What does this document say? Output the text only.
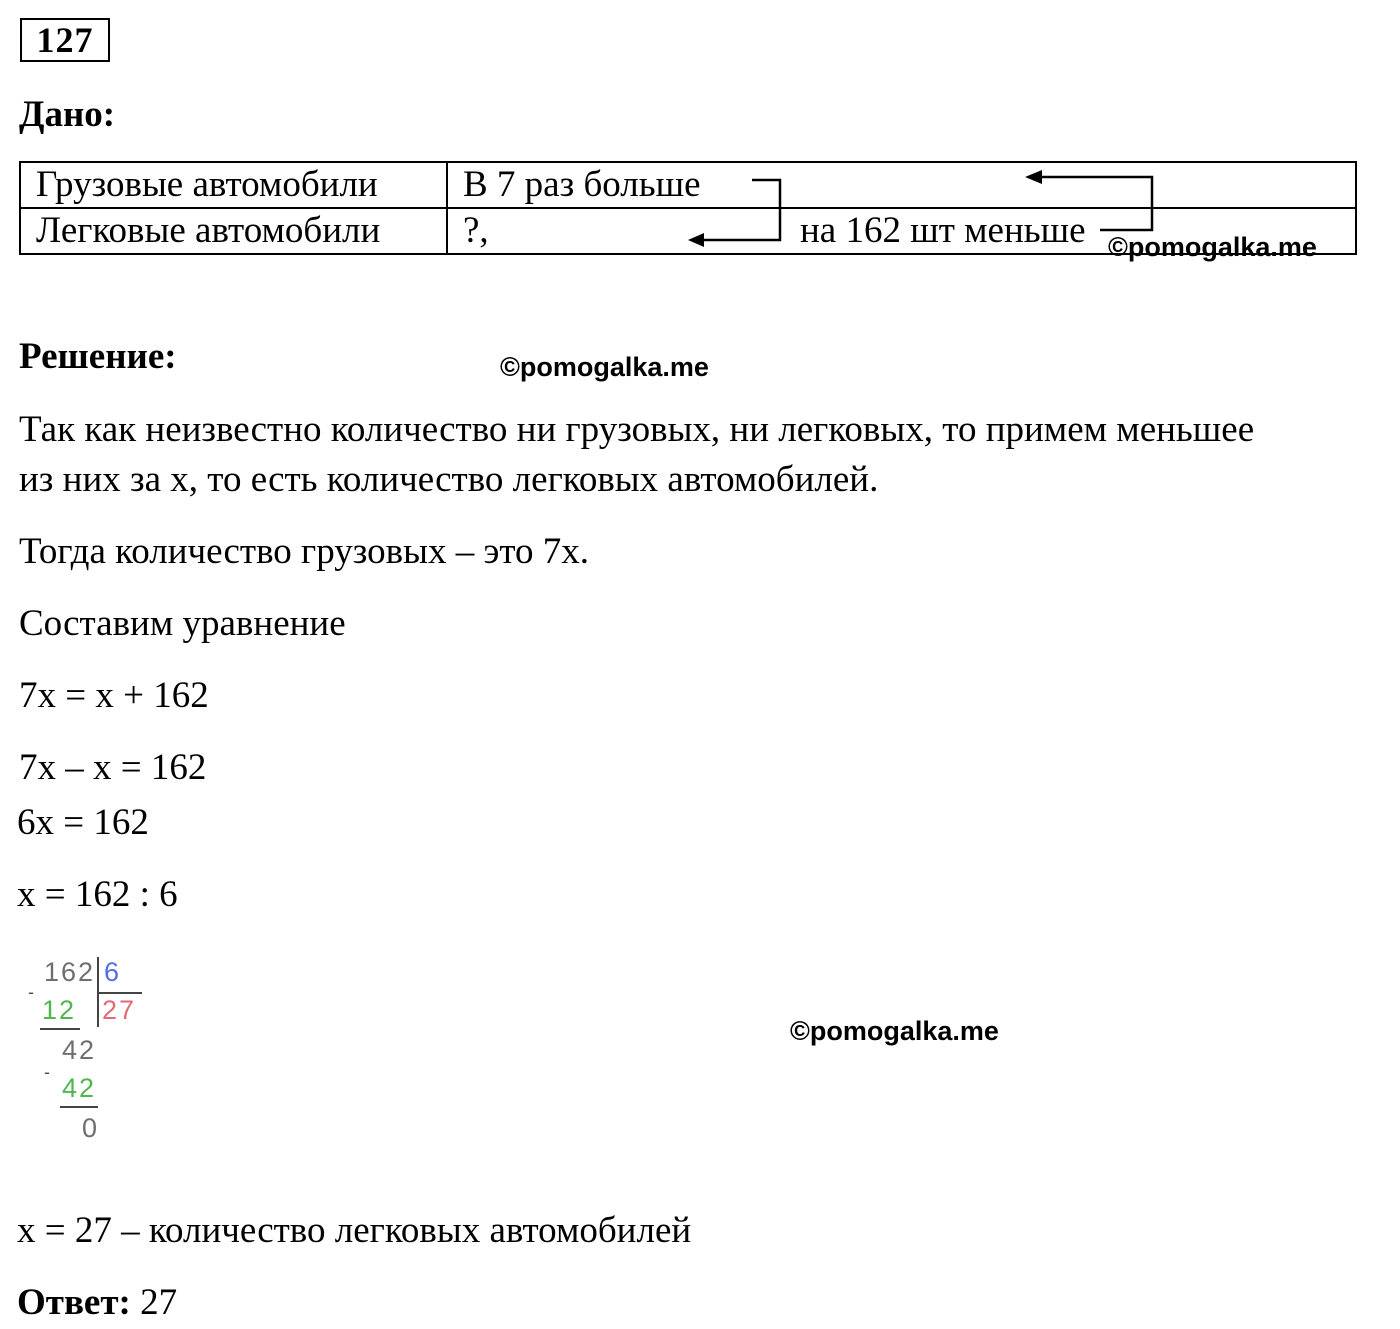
127
Дано:
Грузовые автомобили	В 7 раз больше
Легковые автомобили	?, на 162 шт меньше ©pomogalka.me
Решение:	©pomogalka.me
Так как неизвестно количество ни грузовых, ни легковых, то примем меньшее
из них за x, то есть количество легковых автомобилей.
Тогда количество грузовых – это 7x.
Составим уравнение
7x = x + 162
7x – x = 162
6x = 162
x = 162 : 6
162 6
-
12 27
42
-
42
0
©pomogalka.me
x = 27 – количество легковых автомобилей
Ответ: 27
